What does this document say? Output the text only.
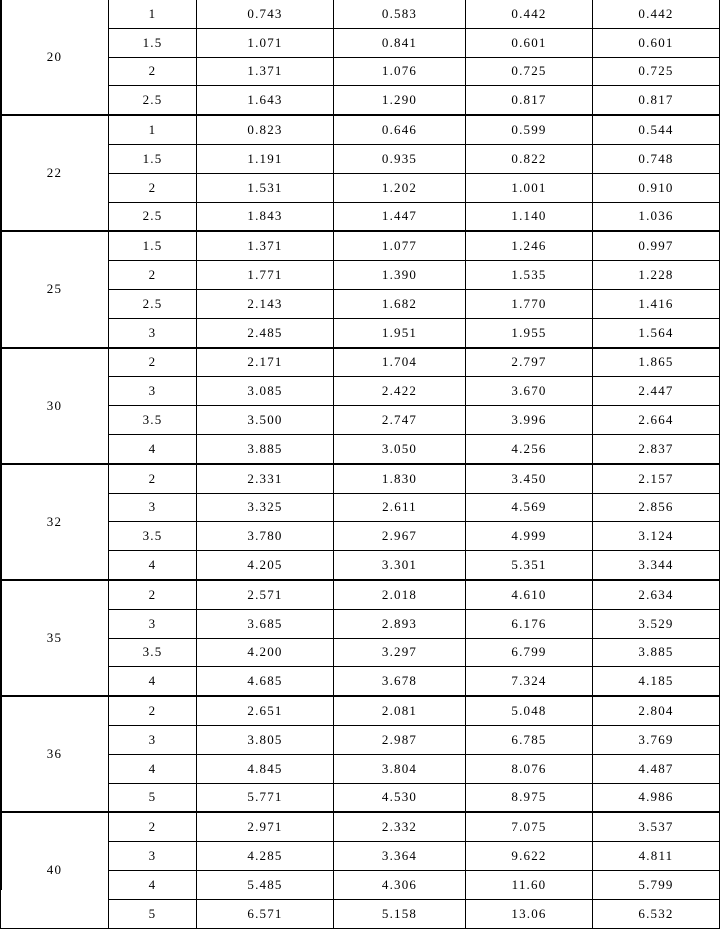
20	1	0.743	0.583	0.442	0.442
	1.5	1.071	0.841	0.601	0.601
	2	1.371	1.076	0.725	0.725
	2.5	1.643	1.290	0.817	0.817
22	1	0.823	0.646	0.599	0.544
	1.5	1.191	0.935	0.822	0.748
	2	1.531	1.202	1.001	0.910
	2.5	1.843	1.447	1.140	1.036
25	1.5	1.371	1.077	1.246	0.997
	2	1.771	1.390	1.535	1.228
	2.5	2.143	1.682	1.770	1.416
	3	2.485	1.951	1.955	1.564
30	2	2.171	1.704	2.797	1.865
	3	3.085	2.422	3.670	2.447
	3.5	3.500	2.747	3.996	2.664
	4	3.885	3.050	4.256	2.837
32	2	2.331	1.830	3.450	2.157
	3	3.325	2.611	4.569	2.856
	3.5	3.780	2.967	4.999	3.124
	4	4.205	3.301	5.351	3.344
35	2	2.571	2.018	4.610	2.634
	3	3.685	2.893	6.176	3.529
	3.5	4.200	3.297	6.799	3.885
	4	4.685	3.678	7.324	4.185
36	2	2.651	2.081	5.048	2.804
	3	3.805	2.987	6.785	3.769
	4	4.845	3.804	8.076	4.487
	5	5.771	4.530	8.975	4.986
40	2	2.971	2.332	7.075	3.537
	3	4.285	3.364	9.622	4.811
	4	5.485	4.306	11.60	5.799
	5	6.571	5.158	13.06	6.532
